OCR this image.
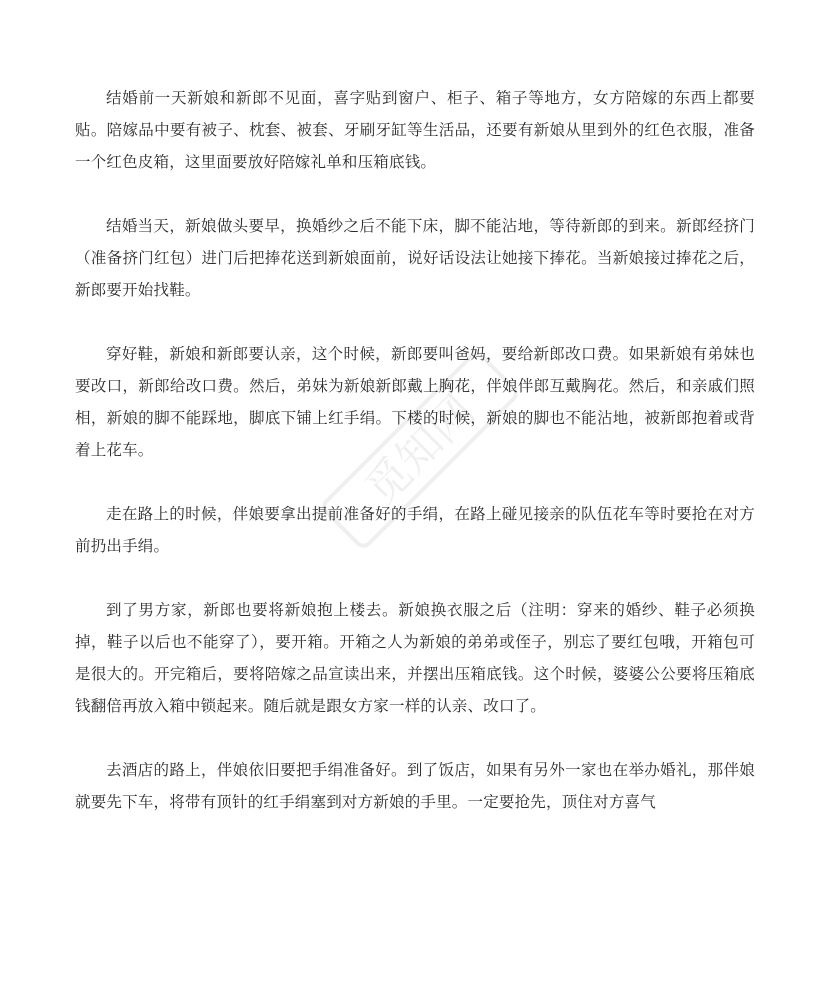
觅知网

结婚前一天新娘和新郎不见面，喜字贴到窗户、柜子、箱子等地方，女方陪嫁的东西上都要贴。陪嫁品中要有被子、枕套、被套、牙刷牙缸等生活品，还要有新娘从里到外的红色衣服，准备一个红色皮箱，这里面要放好陪嫁礼单和压箱底钱。

结婚当天，新娘做头要早，换婚纱之后不能下床，脚不能沾地，等待新郎的到来。新郎经挤门（准备挤门红包）进门后把捧花送到新娘面前，说好话设法让她接下捧花。当新娘接过捧花之后，新郎要开始找鞋。

穿好鞋，新娘和新郎要认亲，这个时候，新郎要叫爸妈，要给新郎改口费。如果新娘有弟妹也要改口，新郎给改口费。然后，弟妹为新娘新郎戴上胸花，伴娘伴郎互戴胸花。然后，和亲戚们照相，新娘的脚不能踩地，脚底下铺上红手绢。下楼的时候，新娘的脚也不能沾地，被新郎抱着或背着上花车。

走在路上的时候，伴娘要拿出提前准备好的手绢，在路上碰见接亲的队伍花车等时要抢在对方前扔出手绢。

到了男方家，新郎也要将新娘抱上楼去。新娘换衣服之后（注明：穿来的婚纱、鞋子必须换掉，鞋子以后也不能穿了），要开箱。开箱之人为新娘的弟弟或侄子，别忘了要红包哦，开箱包可是很大的。开完箱后，要将陪嫁之品宣读出来，并摆出压箱底钱。这个时候，婆婆公公要将压箱底钱翻倍再放入箱中锁起来。随后就是跟女方家一样的认亲、改口了。

去酒店的路上，伴娘依旧要把手绢准备好。到了饭店，如果有另外一家也在举办婚礼，那伴娘就要先下车，将带有顶针的红手绢塞到对方新娘的手里。一定要抢先，顶住对方喜气
